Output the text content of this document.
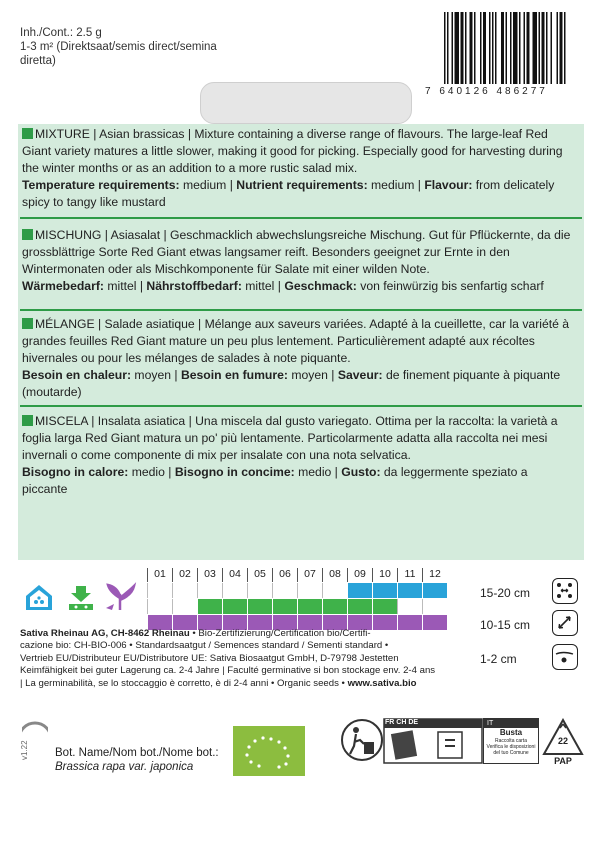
Inh./Cont.: 2.5 g
1-3 m² (Direktsaat/semis direct/semina
diretta)
7 640126 486277
MIXTURE | Asian brassicas | Mixture containing a diverse range of flavours. The large-leaf Red Giant variety matures a little slower, making it good for picking. Especially good for harvesting during the winter months or as an addition to a more rustic salad mix.
Temperature requirements: medium | Nutrient requirements: medium | Flavour: from delicately spicy to tangy like mustard
MISCHUNG | Asiasalat | Geschmacklich abwechslungsreiche Mischung. Gut für Pflückernte, da die grossblättrige Sorte Red Giant etwas langsamer reift. Besonders geeignet zur Ernte in den Wintermonaten oder als Mischkomponente für Salate mit einer wilden Note.
Wärmebedarf: mittel | Nährstoffbedarf: mittel | Geschmack: von feinwürzig bis senfartig scharf
MÉLANGE | Salade asiatique | Mélange aux saveurs variées. Adapté à la cueillette, car la variété à grandes feuilles Red Giant mature un peu plus lentement. Particulièrement adapté aux récoltes hivernales ou pour les mélanges de salades à note piquante.
Besoin en chaleur: moyen | Besoin en fumure: moyen | Saveur: de finement piquante à piquante (moutarde)
MISCELA | Insalata asiatica | Una miscela dal gusto variegato. Ottima per la raccolta: la varietà a foglia larga Red Giant matura un po' più lentamente. Particolarmente adatta alla raccolta nei mesi invernali o come componente di mix per insalate con una nota selvatica.
Bisogno in calore: medio | Bisogno in concime: medio | Gusto: da leggermente speziato a piccante
01	02	03	04	05	06	07	08	09	10	11	12
15-20 cm
10-15 cm
1-2 cm
Sativa Rheinau AG, CH-8462 Rheinau • Bio-Zertifizierung/Certification bio/Certifi-
cazione bio: CH-BIO-006 • Standardsaatgut / Semences standard / Sementi standard •
Vertrieb EU/Distributeur EU/Distributore UE: Sativa Biosaatgut GmbH, D-79798 Jestetten
Keimfähigkeit bei guter Lagerung ca. 2-4 Jahre | Faculté germinative si bon stockage env. 2-4 ans
| La germinabilità, se lo stoccaggio è corretto, è di 2-4 anni • Organic seeds • www.sativa.bio
v1.22 Bot. Name/Nom bot./Nome bot.:
Brassica rapa var. japonica
FR CH DE	IT
Busta
Raccolta carta
Verifica le disposizioni
del tuo Comune
22
PAP
